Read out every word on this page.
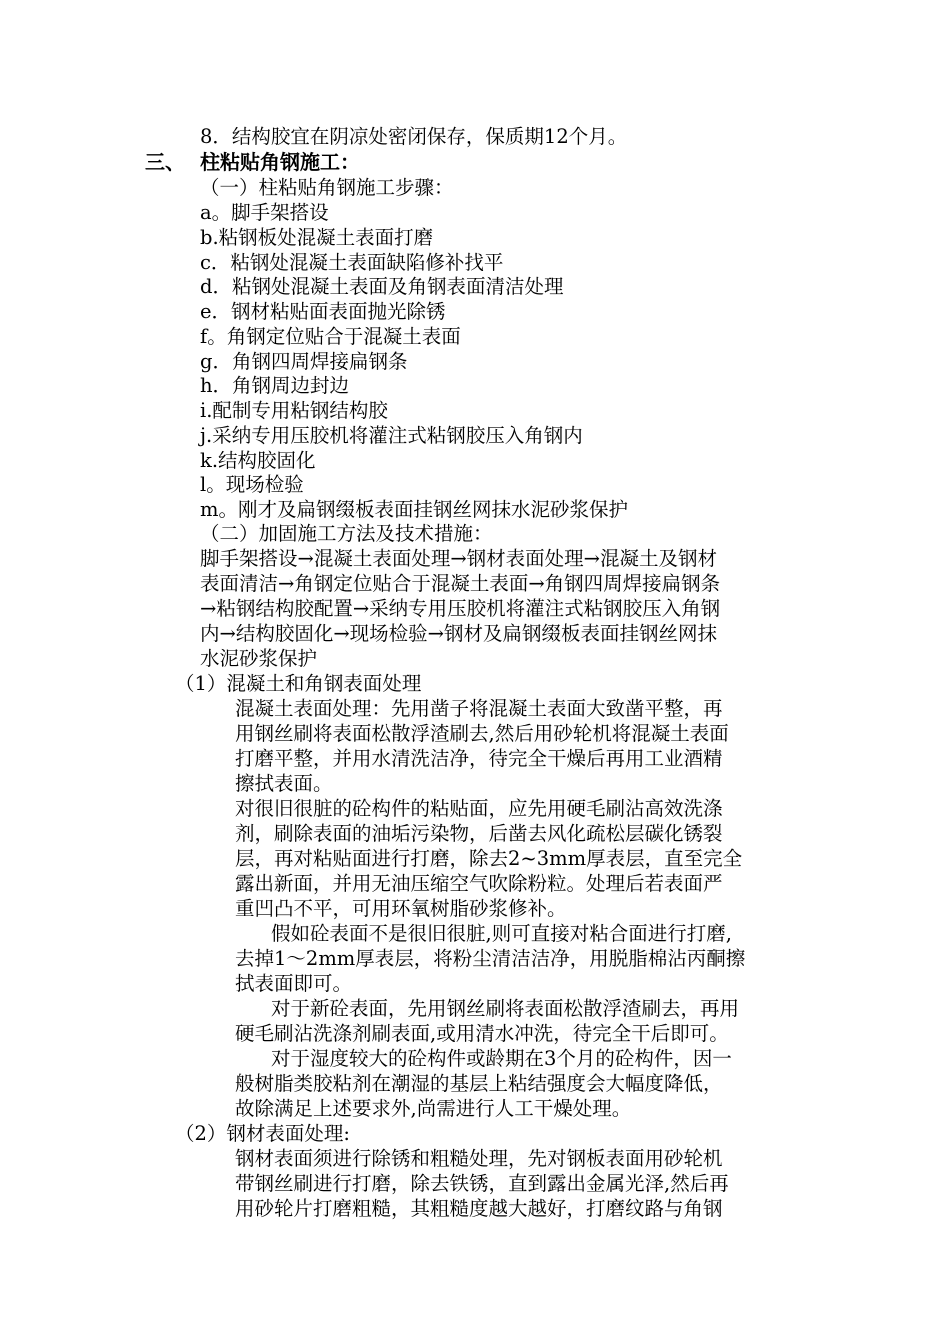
8．结构胶宜在阴凉处密闭保存，保质期12个月。
三、 柱粘贴角钢施工：
（一）柱粘贴角钢施工步骤：
a。脚手架搭设
b.粘钢板处混凝土表面打磨
c．粘钢处混凝土表面缺陷修补找平
d．粘钢处混凝土表面及角钢表面清洁处理
e．钢材粘贴面表面抛光除锈
f。角钢定位贴合于混凝土表面
g．角钢四周焊接扁钢条
h．角钢周边封边
i.配制专用粘钢结构胶
j.采纳专用压胶机将灌注式粘钢胶压入角钢内
k.结构胶固化
l。现场检验
m。刚才及扁钢缀板表面挂钢丝网抹水泥砂浆保护
（二）加固施工方法及技术措施：
脚手架搭设→混凝土表面处理→钢材表面处理→混凝土及钢材
表面清洁→角钢定位贴合于混凝土表面→角钢四周焊接扁钢条
→粘钢结构胶配置→采纳专用压胶机将灌注式粘钢胶压入角钢
内→结构胶固化→现场检验→钢材及扁钢缀板表面挂钢丝网抹
水泥砂浆保护
（1）混凝土和角钢表面处理
混凝土表面处理：先用凿子将混凝土表面大致凿平整，再
用钢丝刷将表面松散浮渣刷去,然后用砂轮机将混凝土表面
打磨平整，并用水清洗洁净，待完全干燥后再用工业酒精
擦拭表面。
对很旧很脏的砼构件的粘贴面，应先用硬毛刷沾高效洗涤
剂，刷除表面的油垢污染物，后凿去风化疏松层碳化锈裂
层，再对粘贴面进行打磨，除去2~3mm厚表层，直至完全
露出新面，并用无油压缩空气吹除粉粒。处理后若表面严
重凹凸不平，可用环氧树脂砂浆修补。
假如砼表面不是很旧很脏,则可直接对粘合面进行打磨,
去掉1～2mm厚表层，将粉尘清洁洁净，用脱脂棉沾丙酮擦
拭表面即可。
对于新砼表面，先用钢丝刷将表面松散浮渣刷去，再用
硬毛刷沾洗涤剂刷表面,或用清水冲洗，待完全干后即可。
对于湿度较大的砼构件或龄期在3个月的砼构件，因一
般树脂类胶粘剂在潮湿的基层上粘结强度会大幅度降低，
故除满足上述要求外,尚需进行人工干燥处理。
（2）钢材表面处理:
钢材表面须进行除锈和粗糙处理，先对钢板表面用砂轮机
带钢丝刷进行打磨，除去铁锈，直到露出金属光泽,然后再
用砂轮片打磨粗糙，其粗糙度越大越好，打磨纹路与角钢
